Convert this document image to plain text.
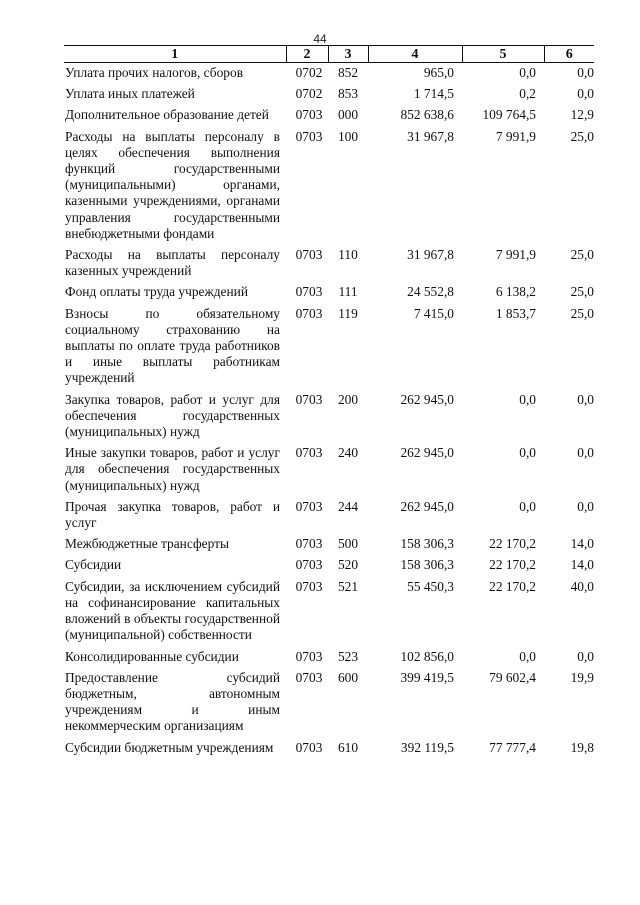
44
1	2	3	4	5	6
Уплата прочих налогов, сборов	0702	852	965,0	0,0	0,0
Уплата иных платежей	0702	853	1 714,5	0,2	0,0
Дополнительное образование детей	0703	000	852 638,6	109 764,5	12,9
Расходы на выплаты персоналу в целях обеспечения выполнения функций государственными (муниципальными) органами, казенными учреждениями, органами управления государственными внебюджетными фондами	0703	100	31 967,8	7 991,9	25,0
Расходы на выплаты персоналу казенных учреждений	0703	110	31 967,8	7 991,9	25,0
Фонд оплаты труда учреждений	0703	111	24 552,8	6 138,2	25,0
Взносы по обязательному социальному страхованию на выплаты по оплате труда работников и иные выплаты работникам учреждений	0703	119	7 415,0	1 853,7	25,0
Закупка товаров, работ и услуг для обеспечения государственных (муниципальных) нужд	0703	200	262 945,0	0,0	0,0
Иные закупки товаров, работ и услуг для обеспечения государственных (муниципальных) нужд	0703	240	262 945,0	0,0	0,0
Прочая закупка товаров, работ и услуг	0703	244	262 945,0	0,0	0,0
Межбюджетные трансферты	0703	500	158 306,3	22 170,2	14,0
Субсидии	0703	520	158 306,3	22 170,2	14,0
Субсидии, за исключением субсидий на софинансирование капитальных вложений в объекты государственной (муниципальной) собственности	0703	521	55 450,3	22 170,2	40,0
Консолидированные субсидии	0703	523	102 856,0	0,0	0,0
Предоставление субсидий бюджетным, автономным учреждениям и иным некоммерческим организациям	0703	600	399 419,5	79 602,4	19,9
Субсидии бюджетным учреждениям	0703	610	392 119,5	77 777,4	19,8
